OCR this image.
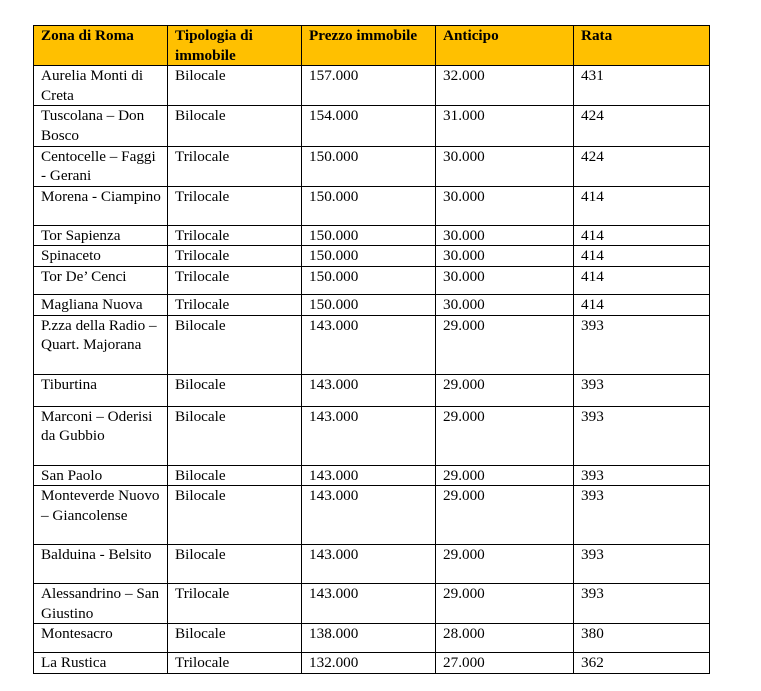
Zona di Roma	Tipologia di immobile	Prezzo immobile	Anticipo	Rata
Aurelia Monti di Creta	Bilocale	157.000	32.000	431
Tuscolana – Don Bosco	Bilocale	154.000	31.000	424
Centocelle – Faggi - Gerani	Trilocale	150.000	30.000	424
Morena - Ciampino	Trilocale	150.000	30.000	414
Tor Sapienza	Trilocale	150.000	30.000	414
Spinaceto	Trilocale	150.000	30.000	414
Tor De’ Cenci	Trilocale	150.000	30.000	414
Magliana Nuova	Trilocale	150.000	30.000	414
P.zza della Radio – Quart. Majorana	Bilocale	143.000	29.000	393
Tiburtina	Bilocale	143.000	29.000	393
Marconi – Oderisi da Gubbio	Bilocale	143.000	29.000	393
San Paolo	Bilocale	143.000	29.000	393
Monteverde Nuovo – Giancolense	Bilocale	143.000	29.000	393
Balduina - Belsito	Bilocale	143.000	29.000	393
Alessandrino – San Giustino	Trilocale	143.000	29.000	393
Montesacro	Bilocale	138.000	28.000	380
La Rustica	Trilocale	132.000	27.000	362
